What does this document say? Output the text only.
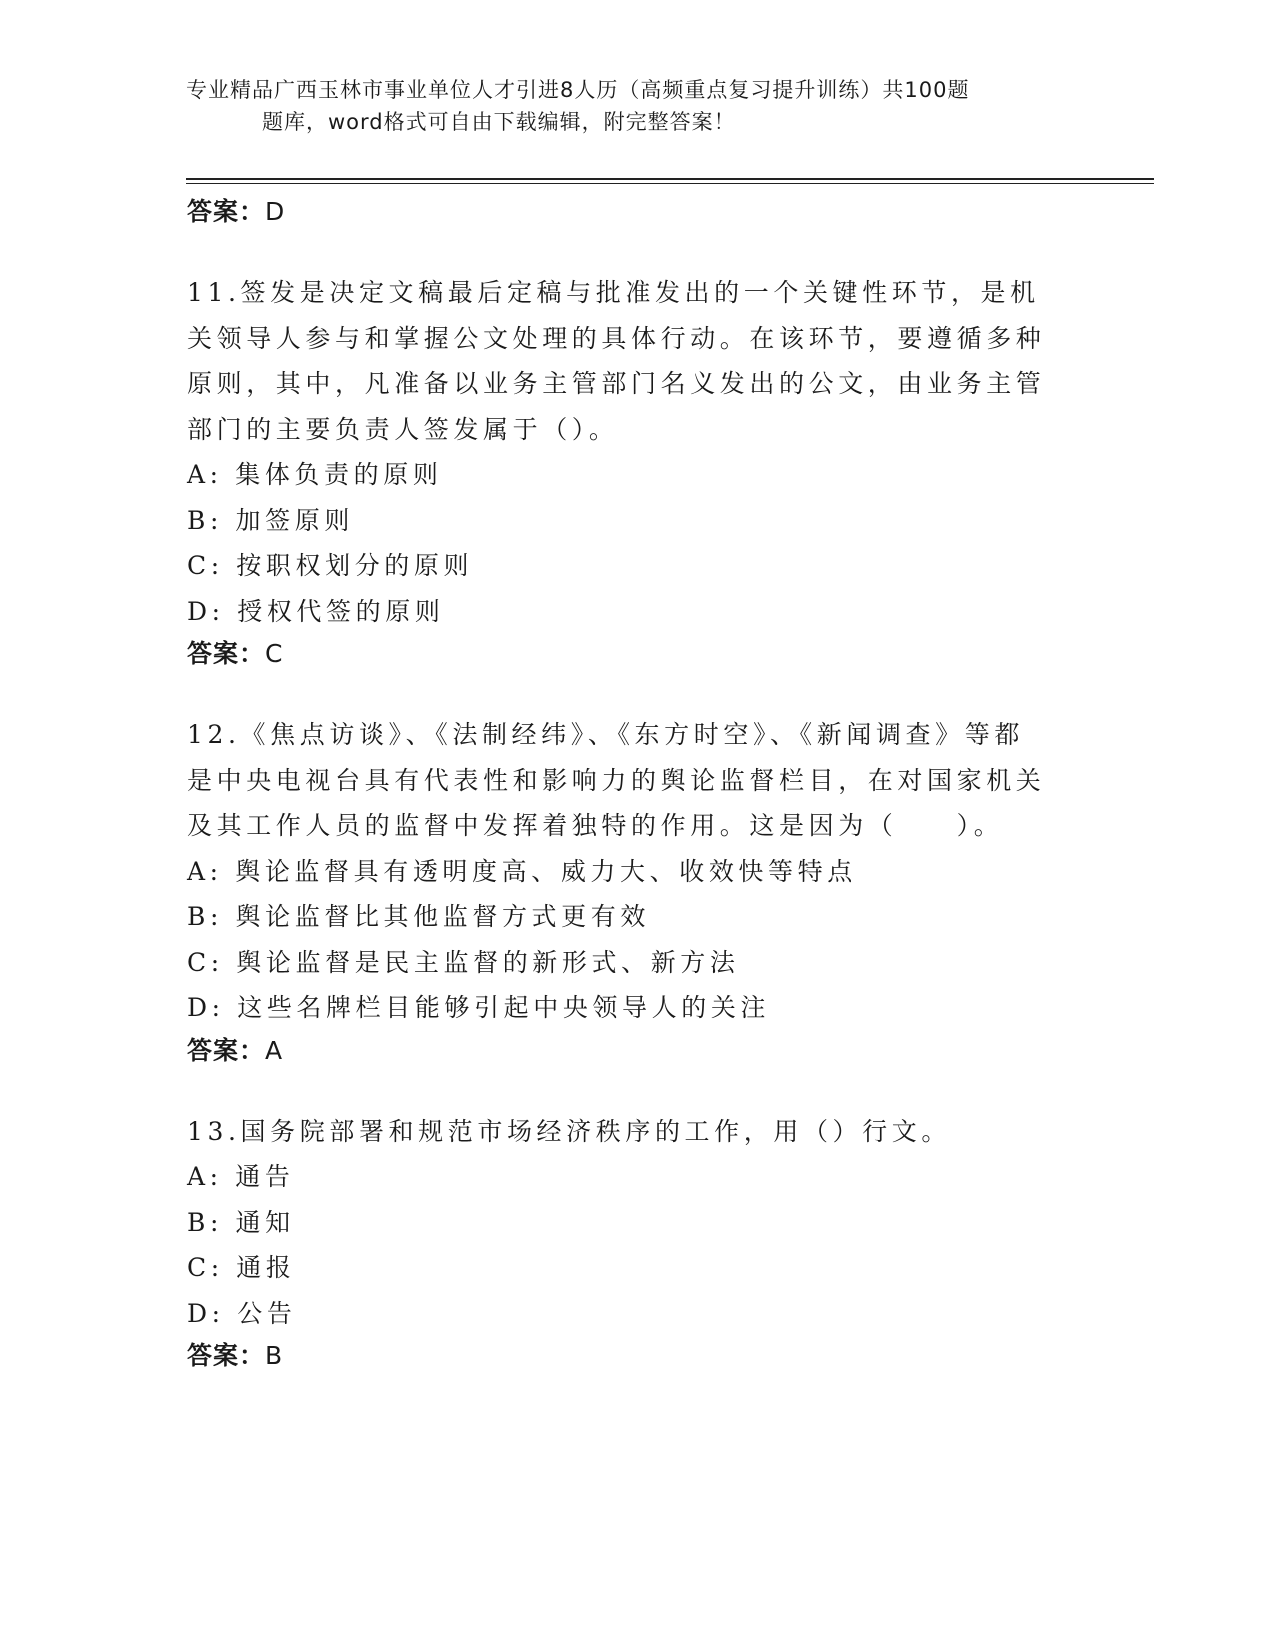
专业精品广西玉林市事业单位人才引进8人历（高频重点复习提升训练）共100题
题库，word格式可自由下载编辑，附完整答案！
答案：D
11.签发是决定文稿最后定稿与批准发出的一个关键性环节，是机关领导人参与和掌握公文处理的具体行动。在该环节，要遵循多种原则，其中，凡准备以业务主管部门名义发出的公文，由业务主管部门的主要负责人签发属于（）。
A: 集体负责的原则
B: 加签原则
C: 按职权划分的原则
D: 授权代签的原则
答案：C
12.《焦点访谈》、《法制经纬》、《东方时空》、《新闻调查》等都是中央电视台具有代表性和影响力的舆论监督栏目，在对国家机关及其工作人员的监督中发挥着独特的作用。这是因为（　　）。
A: 舆论监督具有透明度高、威力大、收效快等特点
B: 舆论监督比其他监督方式更有效
C: 舆论监督是民主监督的新形式、新方法
D: 这些名牌栏目能够引起中央领导人的关注
答案：A
13.国务院部署和规范市场经济秩序的工作，用（）行文。
A: 通告
B: 通知
C: 通报
D: 公告
答案：B
